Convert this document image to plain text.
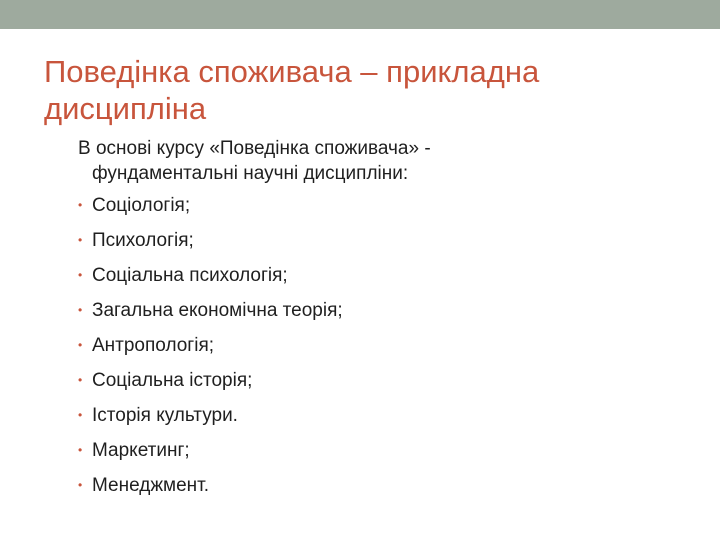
Поведінка споживача – прикладна дисципліна

В основі курсу «Поведінка споживача» -
фундаментальні научні дисципліни:

• Соціологія;
• Психологія;
• Соціальна психологія;
• Загальна економічна теорія;
• Антропологія;
• Соціальна історія;
• Історія культури.
• Маркетинг;
• Менеджмент.
